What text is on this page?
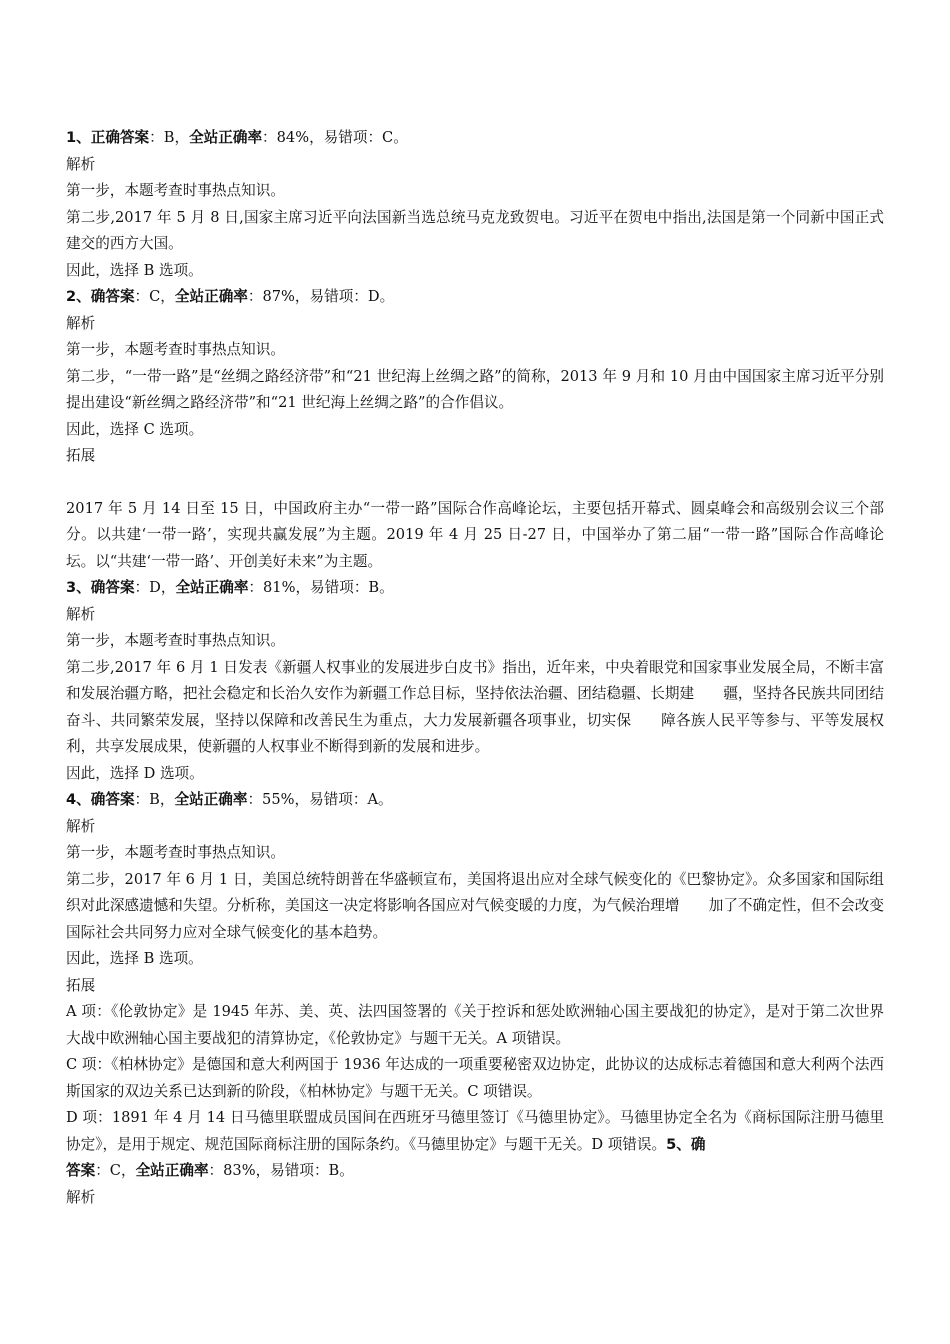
1、正确答案：B，全站正确率：84%，易错项：C。

解析

第一步，本题考查时事热点知识。

第二步,2017 年 5 月 8 日,国家主席习近平向法国新当选总统马克龙致贺电。习近平在贺电中指出,法国是第一个同新中国正式建交的西方大国。

因此，选择 B 选项。

2、确答案：C，全站正确率：87%，易错项：D。

解析

第一步，本题考查时事热点知识。

第二步，“一带一路”是“丝绸之路经济带”和“21 世纪海上丝绸之路”的简称，2013 年 9 月和 10 月由中国国家主席习近平分别提出建设“新丝绸之路经济带”和“21 世纪海上丝绸之路”的合作倡议。

因此，选择 C 选项。

拓展

2017 年 5 月 14 日至 15 日，中国政府主办“一带一路”国际合作高峰论坛，主要包括开幕式、圆桌峰会和高级别会议三个部分。以共建‘一带一路’，实现共赢发展”为主题。2019 年 4 月 25 日-27 日，中国举办了第二届“一带一路”国际合作高峰论坛。以“共建‘一带一路’、开创美好未来”为主题。

3、确答案：D，全站正确率：81%，易错项：B。

解析

第一步，本题考查时事热点知识。

第二步,2017 年 6 月 1 日发表《新疆人权事业的发展进步白皮书》指出，近年来，中央着眼党和国家事业发展全局，不断丰富和发展治疆方略，把社会稳定和长治久安作为新疆工作总目标，坚持依法治疆、团结稳疆、长期建　　疆，坚持各民族共同团结奋斗、共同繁荣发展，坚持以保障和改善民生为重点，大力发展新疆各项事业，切实保　　障各族人民平等参与、平等发展权利，共享发展成果，使新疆的人权事业不断得到新的发展和进步。

因此，选择 D 选项。

4、确答案：B，全站正确率：55%，易错项：A。

解析

第一步，本题考查时事热点知识。

第二步，2017 年 6 月 1 日，美国总统特朗普在华盛顿宣布，美国将退出应对全球气候变化的《巴黎协定》。众多国家和国际组织对此深感遗憾和失望。分析称，美国这一决定将影响各国应对气候变暖的力度，为气候治理增　　加了不确定性，但不会改变国际社会共同努力应对全球气候变化的基本趋势。

因此，选择 B 选项。

拓展

A 项：《伦敦协定》是 1945 年苏、美、英、法四国签署的《关于控诉和惩处欧洲轴心国主要战犯的协定》，是对于第二次世界大战中欧洲轴心国主要战犯的清算协定，《伦敦协定》与题干无关。A 项错误。

C 项：《柏林协定》是德国和意大利两国于 1936 年达成的一项重要秘密双边协定，此协议的达成标志着德国和意大利两个法西斯国家的双边关系已达到新的阶段，《柏林协定》与题干无关。C 项错误。

D 项：1891 年 4 月 14 日马德里联盟成员国间在西班牙马德里签订《马德里协定》。马德里协定全名为《商标国际注册马德里协定》，是用于规定、规范国际商标注册的国际条约。《马德里协定》与题干无关。D 项错误。5、确

答案：C，全站正确率：83%，易错项：B。

解析
